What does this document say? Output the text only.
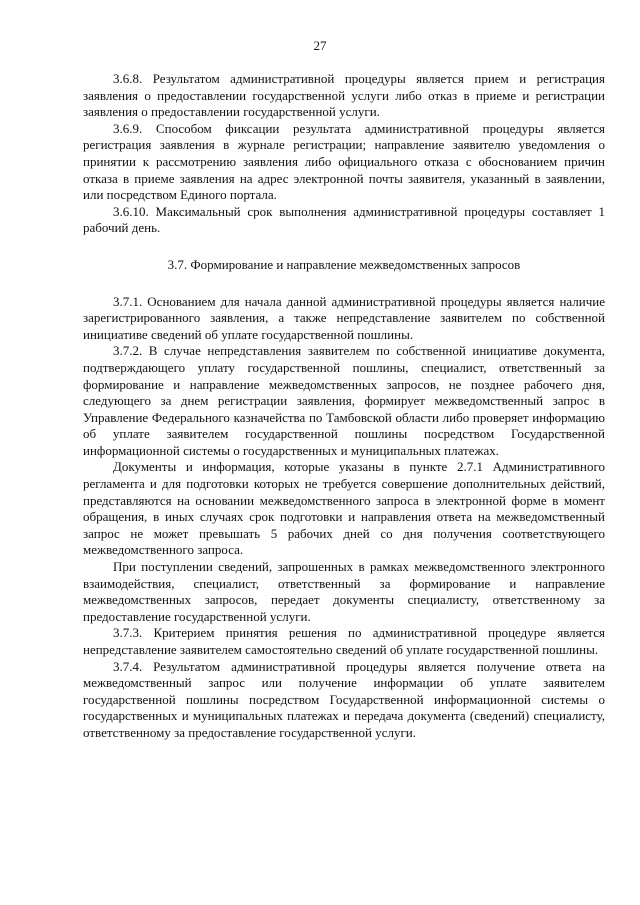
27

3.6.8. Результатом административной процедуры является прием и регистрация заявления о предоставлении государственной услуги либо отказ в приеме и регистрации заявления о предоставлении государственной услуги.

3.6.9. Способом фиксации результата административной процедуры является регистрация заявления в журнале регистрации; направление заявителю уведомления о принятии к рассмотрению заявления либо официального отказа с обоснованием причин отказа в приеме заявления на адрес электронной почты заявителя, указанный в заявлении, или посредством Единого портала.

3.6.10. Максимальный срок выполнения административной процедуры составляет 1 рабочий день.

3.7. Формирование и направление межведомственных запросов

3.7.1. Основанием для начала данной административной процедуры является наличие зарегистрированного заявления, а также непредставление заявителем по собственной инициативе сведений об уплате государственной пошлины.

3.7.2. В случае непредставления заявителем по собственной инициативе документа, подтверждающего уплату государственной пошлины, специалист, ответственный за формирование и направление межведомственных запросов, не позднее рабочего дня, следующего за днем регистрации заявления, формирует межведомственный запрос в Управление Федерального казначейства по Тамбовской области либо проверяет информацию об уплате заявителем государственной пошлины посредством Государственной информационной системы о государственных и муниципальных платежах.

Документы и информация, которые указаны в пункте 2.7.1 Административного регламента и для подготовки которых не требуется совершение дополнительных действий, представляются на основании межведомственного запроса в электронной форме в момент обращения, в иных случаях срок подготовки и направления ответа на межведомственный запрос не может превышать 5 рабочих дней со дня получения соответствующего межведомственного запроса.

При поступлении сведений, запрошенных в рамках межведомственного электронного взаимодействия, специалист, ответственный за формирование и направление межведомственных запросов, передает документы специалисту, ответственному за предоставление государственной услуги.

3.7.3. Критерием принятия решения по административной процедуре является непредставление заявителем самостоятельно сведений об уплате государственной пошлины.

3.7.4. Результатом административной процедуры является получение ответа на межведомственный запрос или получение информации об уплате заявителем государственной пошлины посредством Государственной информационной системы о государственных и муниципальных платежах и передача документа (сведений) специалисту, ответственному за предоставление государственной услуги.
